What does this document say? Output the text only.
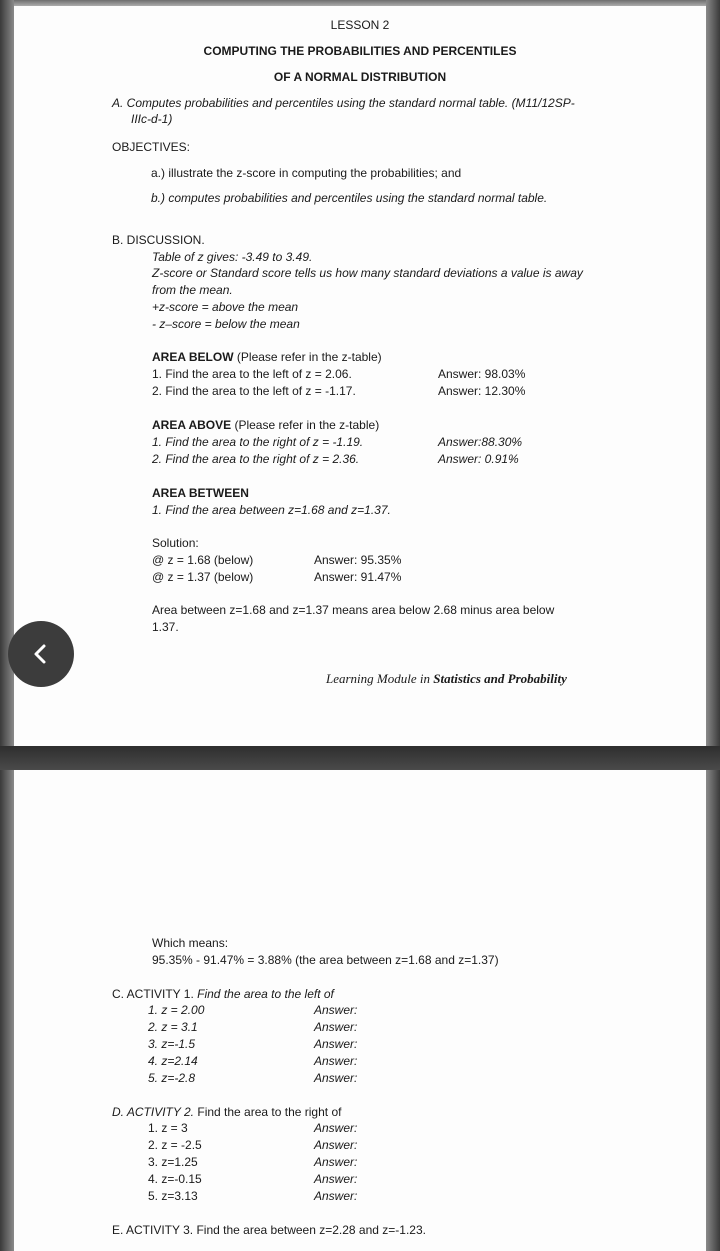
LESSON 2
COMPUTING THE PROBABILITIES AND PERCENTILES
OF A NORMAL DISTRIBUTION
A. Computes probabilities and percentiles using the standard normal table. (M11/12SP-
IIIc-d-1)
OBJECTIVES:
a.) illustrate the z-score in computing the probabilities; and
b.) computes probabilities and percentiles using the standard normal table.
B. DISCUSSION.
Table of z gives: -3.49 to 3.49.
Z-score or Standard score tells us how many standard deviations a value is away
from the mean.
+z-score = above the mean
- z–score = below the mean
AREA BELOW (Please refer in the z-table)
1. Find the area to the left of z = 2.06.
2. Find the area to the left of z = -1.17.
Answer: 98.03%
Answer: 12.30%
AREA ABOVE (Please refer in the z-table)
1. Find the area to the right of z = -1.19.
2. Find the area to the right of z = 2.36.
Answer:88.30%
Answer: 0.91%
AREA BETWEEN
1. Find the area between z=1.68 and z=1.37.
Solution:
@ z = 1.68 (below)
@ z = 1.37 (below)
Answer: 95.35%
Answer: 91.47%
Area between z=1.68 and z=1.37 means area below 2.68 minus area below
1.37.
Learning Module in Statistics and Probability
Which means:
95.35% - 91.47% = 3.88% (the area between z=1.68 and z=1.37)
C. ACTIVITY 1. Find the area to the left of
1. z = 2.00
2. z = 3.1
3. z=-1.5
4. z=2.14
5. z=-2.8
Answer:
Answer:
Answer:
Answer:
Answer:
D. ACTIVITY 2. Find the area to the right of
1. z = 3
2. z = -2.5
3. z=1.25
4. z=-0.15
5. z=3.13
Answer:
Answer:
Answer:
Answer:
Answer:
E. ACTIVITY 3. Find the area between z=2.28 and z=-1.23.
